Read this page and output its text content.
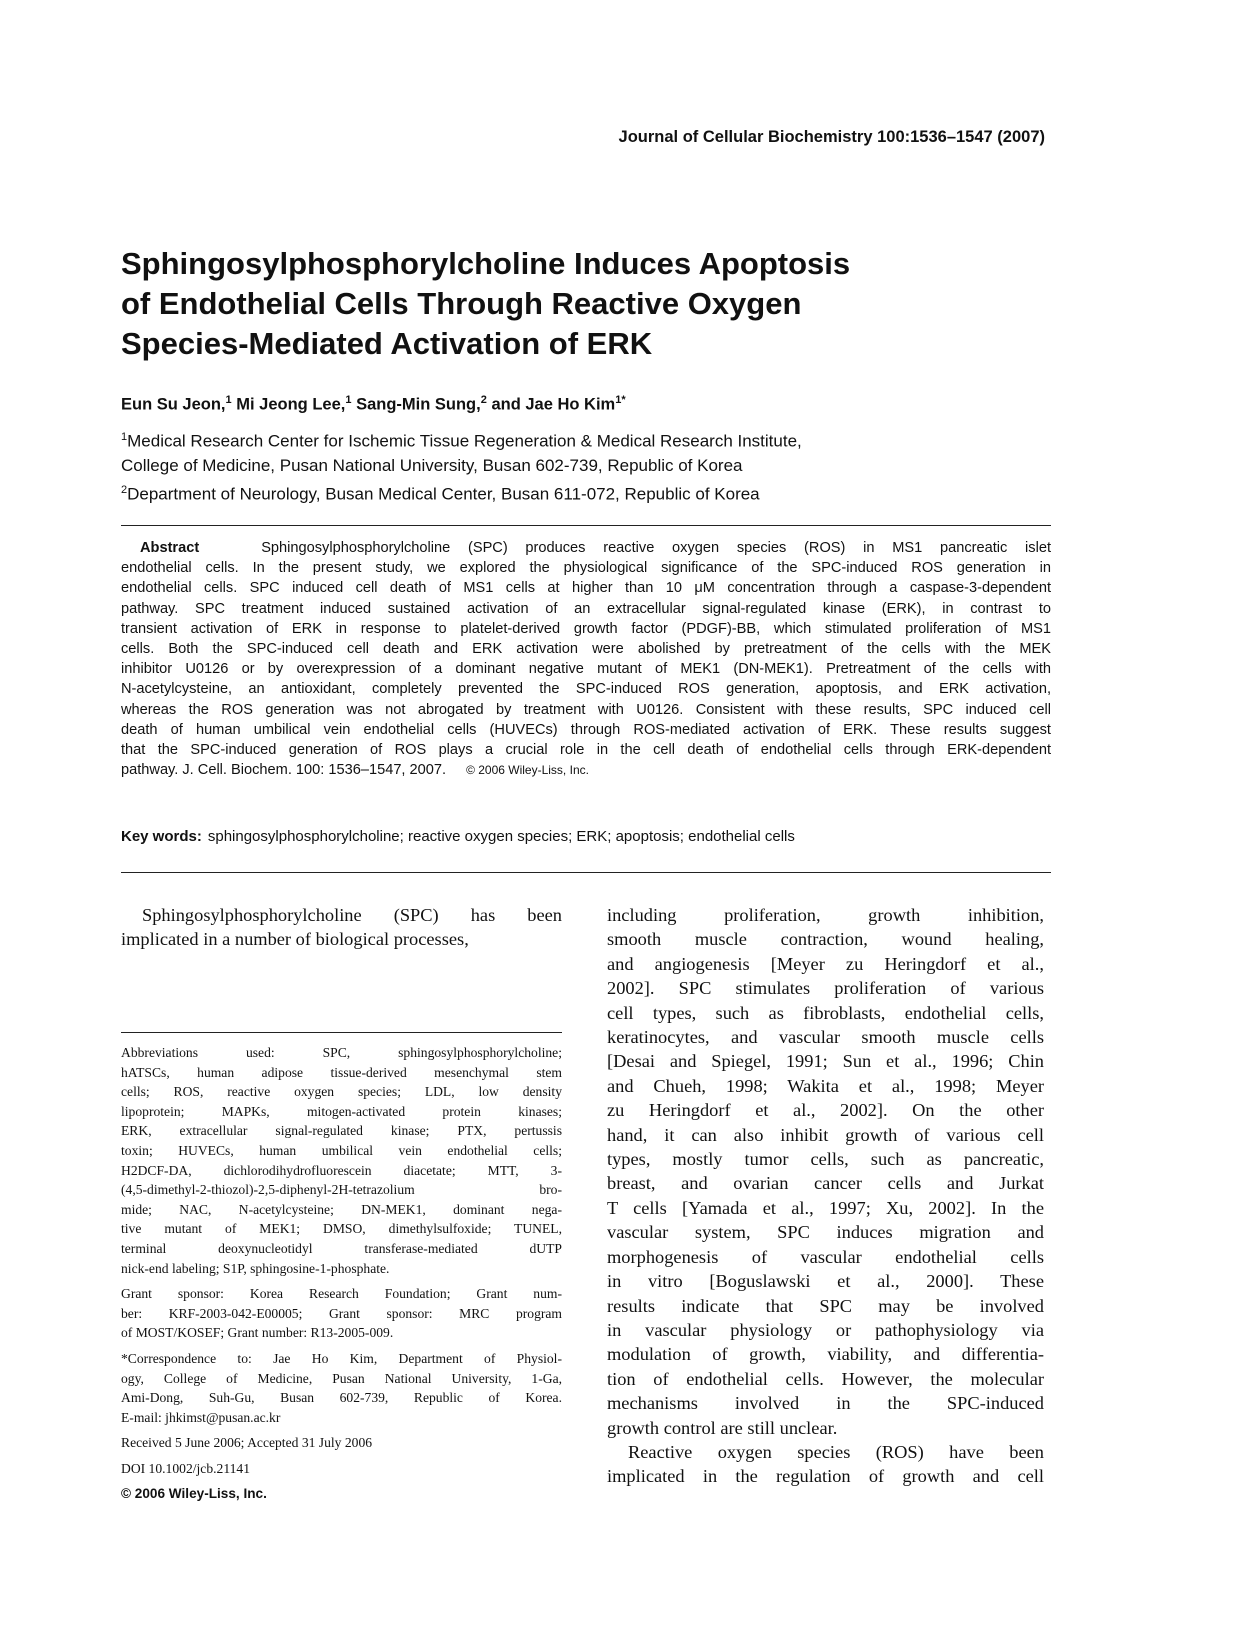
Journal of Cellular Biochemistry 100:1536–1547 (2007)
Sphingosylphosphorylcholine Induces Apoptosis
of Endothelial Cells Through Reactive Oxygen
Species-Mediated Activation of ERK
Eun Su Jeon,$^1$ Mi Jeong Lee,$^1$ Sang-Min Sung,$^2$ and Jae Ho Kim$^{1*}$
$^1$Medical Research Center for Ischemic Tissue Regeneration & Medical Research Institute,
College of Medicine, Pusan National University, Busan 602-739, Republic of Korea
$^2$Department of Neurology, Busan Medical Center, Busan 611-072, Republic of Korea
Abstract	Sphingosylphosphorylcholine (SPC) produces reactive oxygen species (ROS) in MS1 pancreatic islet
endothelial cells. In the present study, we explored the physiological significance of the SPC-induced ROS generation in
endothelial cells. SPC induced cell death of MS1 cells at higher than 10 μM concentration through a caspase-3-dependent
pathway. SPC treatment induced sustained activation of an extracellular signal-regulated kinase (ERK), in contrast to
transient activation of ERK in response to platelet-derived growth factor (PDGF)-BB, which stimulated proliferation of MS1
cells. Both the SPC-induced cell death and ERK activation were abolished by pretreatment of the cells with the MEK
inhibitor U0126 or by overexpression of a dominant negative mutant of MEK1 (DN-MEK1). Pretreatment of the cells with
N-acetylcysteine, an antioxidant, completely prevented the SPC-induced ROS generation, apoptosis, and ERK activation,
whereas the ROS generation was not abrogated by treatment with U0126. Consistent with these results, SPC induced cell
death of human umbilical vein endothelial cells (HUVECs) through ROS-mediated activation of ERK. These results suggest
that the SPC-induced generation of ROS plays a crucial role in the cell death of endothelial cells through ERK-dependent
pathway. J. Cell. Biochem. 100: 1536–1547, 2007. © 2006 Wiley-Liss, Inc.
Key words: sphingosylphosphorylcholine; reactive oxygen species; ERK; apoptosis; endothelial cells
Sphingosylphosphorylcholine (SPC) has been
implicated in a number of biological processes,
Abbreviations used: SPC, sphingosylphosphorylcholine;
hATSCs, human adipose tissue-derived mesenchymal stem
cells; ROS, reactive oxygen species; LDL, low density
lipoprotein; MAPKs, mitogen-activated protein kinases;
ERK, extracellular signal-regulated kinase; PTX, pertussis
toxin; HUVECs, human umbilical vein endothelial cells;
H2DCF-DA, dichlorodihydrofluorescein diacetate; MTT, 3-
(4,5-dimethyl-2-thiozol)-2,5-diphenyl-2H-tetrazolium bro-
mide; NAC, N-acetylcysteine; DN-MEK1, dominant nega-
tive mutant of MEK1; DMSO, dimethylsulfoxide; TUNEL,
terminal deoxynucleotidyl transferase-mediated dUTP
nick-end labeling; S1P, sphingosine-1-phosphate.
Grant sponsor: Korea Research Foundation; Grant num-
ber: KRF-2003-042-E00005; Grant sponsor: MRC program
of MOST/KOSEF; Grant number: R13-2005-009.
*Correspondence to: Jae Ho Kim, Department of Physiol-
ogy, College of Medicine, Pusan National University, 1-Ga,
Ami-Dong, Suh-Gu, Busan 602-739, Republic of Korea.
E-mail: jhkimst@pusan.ac.kr
Received 5 June 2006; Accepted 31 July 2006
DOI 10.1002/jcb.21141
© 2006 Wiley-Liss, Inc.
including proliferation, growth inhibition,
smooth muscle contraction, wound healing,
and angiogenesis [Meyer zu Heringdorf et al.,
2002]. SPC stimulates proliferation of various
cell types, such as fibroblasts, endothelial cells,
keratinocytes, and vascular smooth muscle cells
[Desai and Spiegel, 1991; Sun et al., 1996; Chin
and Chueh, 1998; Wakita et al., 1998; Meyer
zu Heringdorf et al., 2002]. On the other
hand, it can also inhibit growth of various cell
types, mostly tumor cells, such as pancreatic,
breast, and ovarian cancer cells and Jurkat
T cells [Yamada et al., 1997; Xu, 2002]. In the
vascular system, SPC induces migration and
morphogenesis of vascular endothelial cells
in vitro [Boguslawski et al., 2000]. These
results indicate that SPC may be involved
in vascular physiology or pathophysiology via
modulation of growth, viability, and differentia-
tion of endothelial cells. However, the molecular
mechanisms involved in the SPC-induced
growth control are still unclear.
Reactive oxygen species (ROS) have been
implicated in the regulation of growth and cell
